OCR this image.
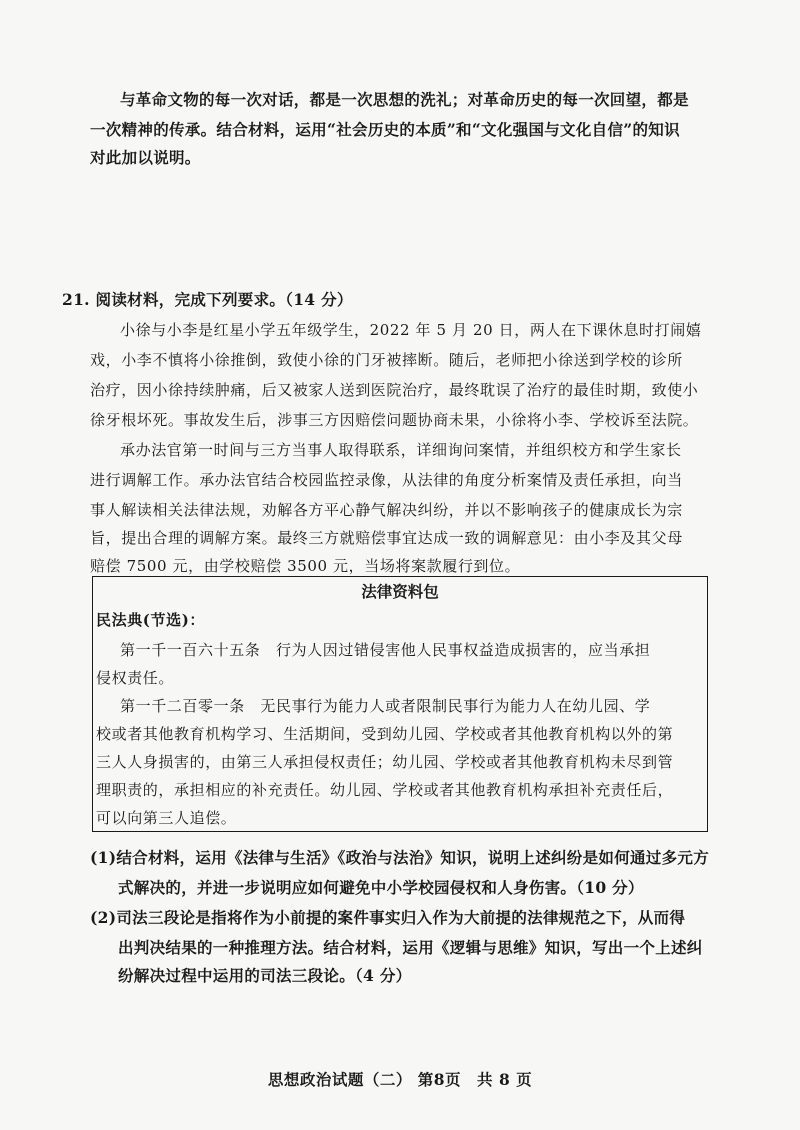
与革命文物的每一次对话，都是一次思想的洗礼；对革命历史的每一次回望，都是
一次精神的传承。结合材料，运用“社会历史的本质”和“文化强国与文化自信”的知识
对此加以说明。
21. 阅读材料，完成下列要求。（14 分）
小徐与小李是红星小学五年级学生，2022 年 5 月 20 日，两人在下课休息时打闹嬉
戏，小李不慎将小徐推倒，致使小徐的门牙被摔断。随后，老师把小徐送到学校的诊所
治疗，因小徐持续肿痛，后又被家人送到医院治疗，最终耽误了治疗的最佳时期，致使小
徐牙根坏死。事故发生后，涉事三方因赔偿问题协商未果，小徐将小李、学校诉至法院。
承办法官第一时间与三方当事人取得联系，详细询问案情，并组织校方和学生家长
进行调解工作。承办法官结合校园监控录像，从法律的角度分析案情及责任承担，向当
事人解读相关法律法规，劝解各方平心静气解决纠纷，并以不影响孩子的健康成长为宗
旨，提出合理的调解方案。最终三方就赔偿事宜达成一致的调解意见：由小李及其父母
赔偿 7500 元，由学校赔偿 3500 元，当场将案款履行到位。
法律资料包
民法典(节选)：
第一千一百六十五条　行为人因过错侵害他人民事权益造成损害的，应当承担
侵权责任。
第一千二百零一条　无民事行为能力人或者限制民事行为能力人在幼儿园、学
校或者其他教育机构学习、生活期间，受到幼儿园、学校或者其他教育机构以外的第
三人人身损害的，由第三人承担侵权责任；幼儿园、学校或者其他教育机构未尽到管
理职责的，承担相应的补充责任。幼儿园、学校或者其他教育机构承担补充责任后，
可以向第三人追偿。
(1)结合材料，运用《法律与生活》《政治与法治》知识，说明上述纠纷是如何通过多元方
式解决的，并进一步说明应如何避免中小学校园侵权和人身伤害。（10 分）
(2)司法三段论是指将作为小前提的案件事实归入作为大前提的法律规范之下，从而得
出判决结果的一种推理方法。结合材料，运用《逻辑与思维》知识，写出一个上述纠
纷解决过程中运用的司法三段论。（4 分）
思想政治试题（二） 第8页　共 8 页
